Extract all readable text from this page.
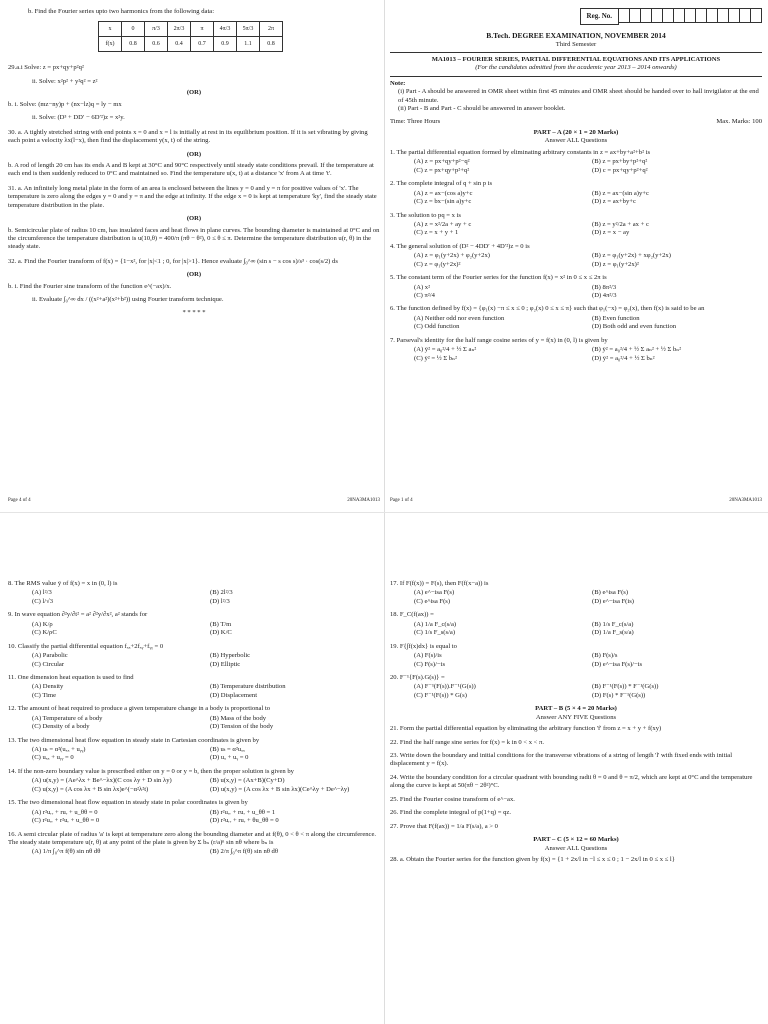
b. Find the Fourier series upto two harmonics from the following data:
x	0	π/3	2π/3	π	4π/3	5π/3	2π
f(x)	0.8	0.6	0.4	0.7	0.9	1.1	0.8
29.a.i Solve: z = px+qy+p²q²
ii. Solve: x²p² + y²q² = z²
(OR)
b. i. Solve: (mz−ny)p + (nx−lz)q = ly − mx
ii. Solve: (D³ + DD′ − 6D′²)z = x²y.
30. a. A tightly stretched string with end points x = 0 and x = l is initially at rest in its equilibrium position. If it is set vibrating by giving each point a velocity λx(l−x), then find the displacement y(x, t) of the string.
(OR)
b. A rod of length 20 cm has its ends A and B kept at 30°C and 90°C respectively until steady state conditions prevail. If the temperature at each end is then suddenly reduced to 0°C and maintained so. Find the temperature u(x, t) at a distance 'x' from A at time 't'.
31. a. An infinitely long metal plate in the form of an area is enclosed between the lines y = 0 and y = π for positive values of 'x'. The temperature is zero along the edges y = 0 and y = π and the edge at infinity. If the edge x = 0 is kept at temperature 'ky', find the steady state temperature distribution in the plate.
(OR)
b. Semicircular plate of radius 10 cm, has insulated faces and heat flows in plane curves. The bounding diameter is maintained at 0°C and on the circumference the temperature distribution is u(10,θ) = 400/π (πθ − θ²), 0 ≤ θ ≤ π. Determine the temperature distribution u(r, θ) in the steady state.
32. a. Find the Fourier transform of f(x) = {1−x², for |x|<1 ; 0, for |x|>1}. Hence evaluate ∫₀^∞ (sin s − s cos s)/s³ · cos(s/2) ds
(OR)
b. i. Find the Fourier sine transform of the function e^(−ax)/x.
ii. Evaluate ∫₀^∞ dx / ((x²+a²)(x²+b²)) using Fourier transform technique.
* * * * *
Page 4 of 4	20NA3MA1013
Reg. No.
B.Tech. DEGREE EXAMINATION, NOVEMBER 2014
Third Semester
MA1013 – FOURIER SERIES, PARTIAL DIFFERENTIAL EQUATIONS AND ITS APPLICATIONS
(For the candidates admitted from the academic year 2013 – 2014 onwards)
Note:
(i) Part - A should be answered in OMR sheet within first 45 minutes and OMR sheet should be handed over to hall invigilator at the end of 45th minute.
(ii) Part - B and Part - C should be answered in answer booklet.
Time: Three Hours	Max. Marks: 100
PART – A (20 × 1 = 20 Marks)
Answer ALL Questions
1. The partial differential equation formed by eliminating arbitrary constants in z = ax+by+a²+b² is
(A) z = px+qy+p²−q²	(B) z = px+by+p²+q²
(C) z = px+qy+p²+q²	(D) c = px+qy+p²+q²
2. The complete integral of q + sin p is
(A) z = ax−(cos a)y+c	(B) z = ax−(sin a)y+c
(C) z = bx−(sin a)y+c	(D) z = ax+by+c
3. The solution to pq = x is
(A) z = x²/2a + ay + c	(B) z = y²/2a + ax + c
(C) z = x + y + 1	(D) z = x − ay
4. The general solution of (D² − 4DD′ + 4D′²)z = 0 is
(A) z = φ₁(y+2x) + φ₂(y+2x)	(B) z = φ₁(y+2x) + xφ₂(y+2x)
(C) z = φ₁(y+2x)²	(D) z = φ₁(y+2x)²
5. The constant term of the Fourier series for the function f(x) = x² in 0 ≤ x ≤ 2π is
(A) x²	(B) 8π²/3
(C) π²/4	(D) 4π²/3
6. The function defined by f(x) = {φ₁(x) −π ≤ x ≤ 0 ; φ₂(x) 0 ≤ x ≤ π} such that φ₁(−x) = φ₂(x), then f(x) is said to be an
(A) Neither odd nor even function	(B) Even function
(C) Odd function	(D) Both odd and even function
7. Parseval's identity for the half range cosine series of y = f(x) in (0, l) is given by
(A) ȳ² = a₀²/4 + ½ Σ aₙ²	(B) ȳ² = a₀²/4 + ½ Σ aₙ² + ½ Σ bₙ²
(C) ȳ² = ½ Σ bₙ²	(D) ȳ² = a₀²/4 + ½ Σ bₙ²
Page 1 of 4	20NA3MA1013
8. The RMS value ȳ of f(x) = x in (0, l) is
(A) l²/3	(B) 2l²/3
(C) l/√3	(D) l²/3
9. In wave equation ∂²y/∂t² = a² ∂²y/∂x², a² stands for
(A) K/ρ	(B) T/m
(C) K/ρC	(D) K/C
10. Classify the partial differential equation fₓₓ+2fₓᵧ+fᵧᵧ = 0
(A) Parabolic	(B) Hyperbolic
(C) Circular	(D) Elliptic
11. One dimension heat equation is used to find
(A) Density	(B) Temperature distribution
(C) Time	(D) Displacement
12. The amount of heat required to produce a given temperature change in a body is proportional to
(A) Temperature of a body	(B) Mass of the body
(C) Density of a body	(D) Tension of the body
13. The two dimensional heat flow equation in steady state in Cartesian coordinates is given by
(A) uₜ = α²(uₓₓ + uᵧᵧ)	(B) uₜ = α²uₓₓ
(C) uₓₓ + uᵧᵧ = 0	(D) uₓ + uᵧ = 0
14. If the non-zero boundary value is prescribed either on y = 0 or y = b, then the proper solution is given by
(A) u(x,y) = (Ae^λx + Be^−λx)(C cos λy + D sin λy)	(B) u(x,y) = (Ax+B)(Cy+D)
(C) u(x,y) = (A cos λx + B sin λx)e^(−α²λ²t)	(D) u(x,y) = (A cos λx + B sin λx)(Ce^λy + De^−λy)
15. The two dimensional heat flow equation in steady state in polar coordinates is given by
(A) r²uᵣᵣ + ruᵣ + u_θθ = 0	(B) r²uᵣᵣ + ruᵣ + u_θθ = 1
(C) r²uᵣᵣ + r²uᵣ + u_θθ = 0	(D) r²uᵣᵣ + ruᵣ + θu_θθ = 0
16. A semi circular plate of radius 'a' is kept at temperature zero along the bounding diameter and at f(θ), 0 < θ < π along the circumference. The steady state temperature u(r, θ) at any point of the plate is given by Σ bₙ (r/a)ⁿ sin nθ where bₙ is
(A) 1/π ∫₀^π f(θ) sin nθ dθ	(B) 2/π ∫₀^π f(θ) sin nθ dθ
17. If F(f(x)) = F(s), then F(f(x−a)) is
(A) e^−isa F(s)	(B) e^isa F(s)
(C) e^isa F(s)	(D) e^−isa F(is)
18. F_C(f(ax)) =
(A) 1/a F_c(s/a)	(B) 1/s F_c(s/a)
(C) 1/s F_s(s/a)	(D) 1/a F_s(s/a)
19. F{∫f(x)dx} is equal to
(A) F(s)/is	(B) F(s)/s
(C) F(s)/−is	(D) e^−isa F(s)/−is
20. F⁻¹{F(s).G(s)} =
(A) F⁻¹(F(s)).F⁻¹(G(s))	(B) F⁻¹(F(s)) * F⁻¹(G(s))
(C) F⁻¹(F(s)) * G(s)	(D) F(s) * F⁻¹(G(s))
PART – B (5 × 4 = 20 Marks)
Answer ANY FIVE Questions
21. Form the partial differential equation by eliminating the arbitrary function 'f' from z = x + y + f(xy)
22. Find the half range sine series for f(x) = k in 0 < x < π.
23. Write down the boundary and initial conditions for the transverse vibrations of a string of length 'l' with fixed ends with initial displacement y = f(x).
24. Write the boundary condition for a circular quadrant with bounding radii θ = 0 and θ = π/2, which are kept at 0°C and the temperature along the curve is kept at 50(πθ − 2θ²)°C.
25. Find the Fourier cosine transform of e^−ax.
26. Find the complete integral of p(1+q) = qz.
27. Prove that F(f(ax)) = 1/a F(s/a), a > 0
PART – C (5 × 12 = 60 Marks)
Answer ALL Questions
28. a. Obtain the Fourier series for the function given by f(x) = {1 + 2x/l in −l ≤ x ≤ 0 ; 1 − 2x/l in 0 ≤ x ≤ l}
